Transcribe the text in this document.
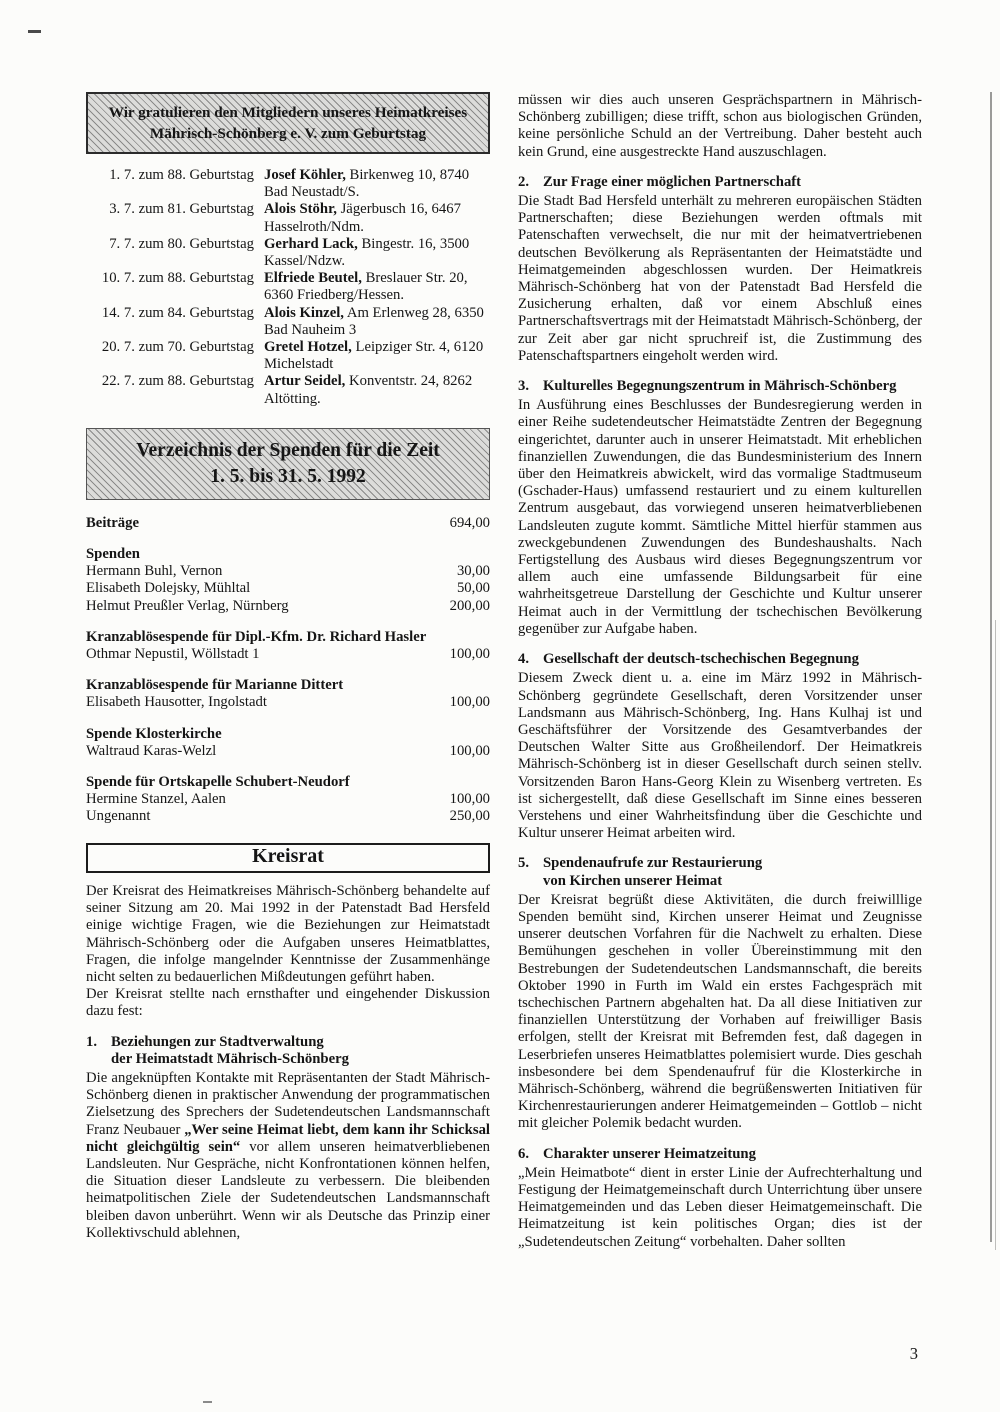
Wir gratulieren den Mitgliedern unseres Heimatkreises
Mährisch-Schönberg e. V. zum Geburtstag
1. 7. zum 88. Geburtstag Josef Köhler, Birkenweg 10, 8740 Bad Neustadt/S.
3. 7. zum 81. Geburtstag Alois Stöhr, Jägerbusch 16, 6467 Hasselroth/Ndm.
7. 7. zum 80. Geburtstag Gerhard Lack, Bingestr. 16, 3500 Kassel/Ndzw.
10. 7. zum 88. Geburtstag Elfriede Beutel, Breslauer Str. 20, 6360 Friedberg/Hessen.
14. 7. zum 84. Geburtstag Alois Kinzel, Am Erlenweg 28, 6350 Bad Nauheim 3
20. 7. zum 70. Geburtstag Gretel Hotzel, Leipziger Str. 4, 6120 Michelstadt
22. 7. zum 88. Geburtstag Artur Seidel, Konventstr. 24, 8262 Altötting.
Verzeichnis der Spenden für die Zeit
1. 5. bis 31. 5. 1992
Beiträge	694,00
Spenden
Hermann Buhl, Vernon	30,00
Elisabeth Dolejsky, Mühltal	50,00
Helmut Preußler Verlag, Nürnberg	200,00
Kranzablösespende für Dipl.-Kfm. Dr. Richard Hasler
Othmar Nepustil, Wöllstadt 1	100,00
Kranzablösespende für Marianne Dittert
Elisabeth Hausotter, Ingolstadt	100,00
Spende Klosterkirche
Waltraud Karas-Welzl	100,00
Spende für Ortskapelle Schubert-Neudorf
Hermine Stanzel, Aalen	100,00
Ungenannt	250,00
Kreisrat

Der Kreisrat des Heimatkreises Mährisch-Schönberg behandelte auf seiner Sitzung am 20. Mai 1992 in der Patenstadt Bad Hersfeld einige wichtige Fragen, wie die Beziehungen zur Heimatstadt Mährisch-Schönberg oder die Aufgaben unseres Heimatblattes, Fragen, die infolge mangelnder Kenntnisse der Zusammenhänge nicht selten zu bedauerlichen Mißdeutungen geführt haben.

Der Kreisrat stellte nach ernsthafter und eingehender Diskussion dazu fest:

1. Beziehungen zur Stadtverwaltung
der Heimatstadt Mährisch-Schönberg

Die angeknüpften Kontakte mit Repräsentanten der Stadt Mährisch-Schönberg dienen in praktischer Anwendung der programmatischen Zielsetzung des Sprechers der Sudetendeutschen Landsmannschaft Franz Neubauer „Wer seine Heimat liebt, dem kann ihr Schicksal nicht gleichgültig sein“ vor allem unseren heimatverbliebenen Landsleuten. Nur Gespräche, nicht Konfrontationen können helfen, die Situation dieser Landsleute zu verbessern. Die bleibenden heimatpolitischen Ziele der Sudetendeutschen Landsmannschaft bleiben davon unberührt. Wenn wir als Deutsche das Prinzip einer Kollektivschuld ablehnen,

müssen wir dies auch unseren Gesprächspartnern in Mährisch-Schönberg zubilligen; diese trifft, schon aus biologischen Gründen, keine persönliche Schuld an der Vertreibung. Daher besteht auch kein Grund, eine ausgestreckte Hand auszuschlagen.

2. Zur Frage einer möglichen Partnerschaft

Die Stadt Bad Hersfeld unterhält zu mehreren europäischen Städten Partnerschaften; diese Beziehungen werden oftmals mit Patenschaften verwechselt, die nur mit der heimatvertriebenen deutschen Bevölkerung als Repräsentanten der Heimatstädte und Heimatgemeinden abgeschlossen wurden. Der Heimatkreis Mährisch-Schönberg hat von der Patenstadt Bad Hersfeld die Zusicherung erhalten, daß vor einem Abschluß eines Partnerschaftsvertrags mit der Heimatstadt Mährisch-Schönberg, der zur Zeit aber gar nicht spruchreif ist, die Zustimmung des Patenschaftspartners eingeholt werden wird.

3. Kulturelles Begegnungszentrum in Mährisch-Schönberg

In Ausführung eines Beschlusses der Bundesregierung werden in einer Reihe sudetendeutscher Heimatstädte Zentren der Begegnung eingerichtet, darunter auch in unserer Heimatstadt. Mit erheblichen finanziellen Zuwendungen, die das Bundesministerium des Innern über den Heimatkreis abwickelt, wird das vormalige Stadtmuseum (Gschader-Haus) umfassend restauriert und zu einem kulturellen Zentrum ausgebaut, das vorwiegend unseren heimatverbliebenen Landsleuten zugute kommt. Sämtliche Mittel hierfür stammen aus zweckgebundenen Zuwendungen des Bundeshaushalts. Nach Fertigstellung des Ausbaus wird dieses Begegnungszentrum vor allem auch eine umfassende Bildungsarbeit für eine wahrheitsgetreue Darstellung der Geschichte und Kultur unserer Heimat auch in der Vermittlung der tschechischen Bevölkerung gegenüber zur Aufgabe haben.

4. Gesellschaft der deutsch-tschechischen Begegnung

Diesem Zweck dient u. a. eine im März 1992 in Mährisch-Schönberg gegründete Gesellschaft, deren Vorsitzender unser Landsmann aus Mährisch-Schönberg, Ing. Hans Kulhaj ist und Geschäftsführer der Vorsitzende des Gesamtverbandes der Deutschen Walter Sitte aus Großheilendorf. Der Heimatkreis Mährisch-Schönberg ist in dieser Gesellschaft durch seinen stellv. Vorsitzenden Baron Hans-Georg Klein zu Wisenberg vertreten. Es ist sichergestellt, daß diese Gesellschaft im Sinne eines besseren Verstehens und einer Wahrheitsfindung über die Geschichte und Kultur unserer Heimat arbeiten wird.

5. Spendenaufrufe zur Restaurierung
von Kirchen unserer Heimat

Der Kreisrat begrüßt diese Aktivitäten, die durch freiwilllige Spenden bemüht sind, Kirchen unserer Heimat und Zeugnisse unserer deutschen Vorfahren für die Nachwelt zu erhalten. Diese Bemühungen geschehen in voller Übereinstimmung mit den Bestrebungen der Sudetendeutschen Landsmannschaft, die bereits Oktober 1990 in Furth im Wald ein erstes Fachgespräch mit tschechischen Partnern abgehalten hat. Da all diese Initiativen zur finanziellen Unterstützung der Vorhaben auf freiwilliger Basis erfolgen, stellt der Kreisrat mit Befremden fest, daß dagegen in Leserbriefen unseres Heimatblattes polemisiert wurde. Dies geschah insbesondere bei dem Spendenaufruf für die Klosterkirche in Mährisch-Schönberg, während die begrüßenswerten Initiativen für Kirchenrestaurierungen anderer Heimatgemeinden – Gottlob – nicht mit gleicher Polemik bedacht wurden.

6. Charakter unserer Heimatzeitung

„Mein Heimatbote“ dient in erster Linie der Aufrechterhaltung und Festigung der Heimatgemeinschaft durch Unterrichtung über unsere Heimatgemeinden und das Leben dieser Heimatgemeinschaft. Die Heimatzeitung ist kein politisches Organ; dies ist der „Sudetendeutschen Zeitung“ vorbehalten. Daher sollten

3
